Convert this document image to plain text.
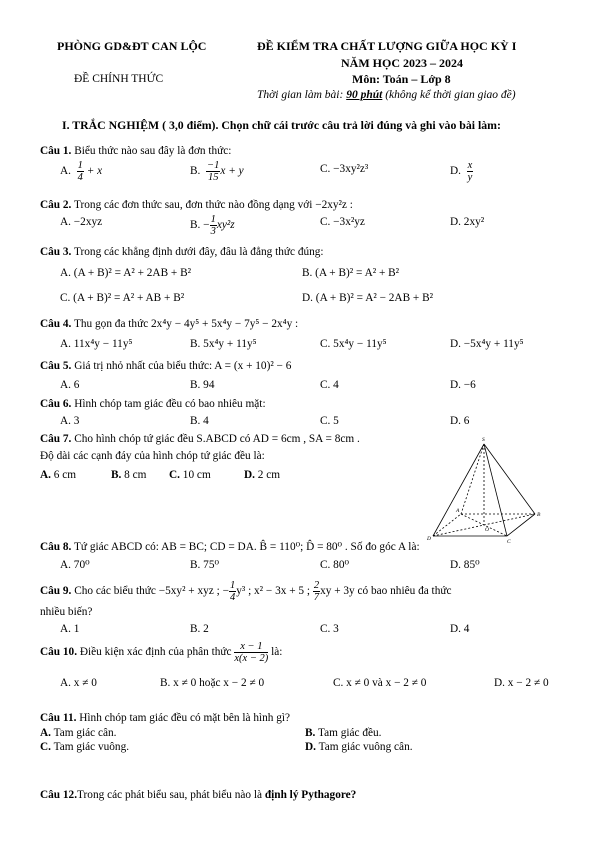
PHÒNG GD&ĐT CAN LỘC
ĐỀ CHÍNH THỨC
ĐỀ KIỂM TRA CHẤT LƯỢNG GIỮA HỌC KỲ I
NĂM HỌC 2023 – 2024
Môn: Toán – Lớp 8
Thời gian làm bài: 90 phút (không kể thời gian giao đề)
I. TRẮC NGHIỆM ( 3,0 điểm). Chọn chữ cái trước câu trả lời đúng và ghi vào bài làm:
Câu 1. Biểu thức nào sau đây là đơn thức:
A. $\frac{1}{4} + x$	B. $\frac{-1}{15}$ x + y	C. −3xy²z³	D. $\frac{x}{y}$
Câu 2. Trong các đơn thức sau, đơn thức nào đồng dạng với −2xy²z :
A. −2xyz	B. − $\frac{1}{3} xy^2z$	C. −3x²yz	D. 2xy²
Câu 3. Trong các khẳng định dưới đây, đâu là đẳng thức đúng:
A. (A + B)² = A² + 2AB + B²	B. (A + B)² = A² + B²
C. (A + B)² = A² + AB + B²	D. (A + B)² = A² − 2AB + B²
Câu 4. Thu gọn đa thức 2x⁴y − 4y⁵ + 5x⁴y − 7y⁵ − 2x⁴y :
A. 11x⁴y − 11y⁵	B. 5x⁴y + 11y⁵	C. 5x⁴y − 11y⁵	D. −5x⁴y + 11y⁵
Câu 5. Giá trị nhỏ nhất của biểu thức: A = (x + 10)² − 6
A. 6	B. 94	C. 4	D. −6
Câu 6. Hình chóp tam giác đều có bao nhiêu mặt:
A. 3	B. 4	C. 5	D. 6
Câu 7. Cho hình chóp tứ giác đều S.ABCD có AD = 6cm , SA = 8cm .
Độ dài các cạnh đáy của hình chóp tứ giác đều là:
A. 6 cm	B. 8 cm C. 10 cm	D. 2 cm
S
A
B
C
D
O
Câu 8. Tứ giác ABCD có: AB = BC; CD = DA. B̂ = 110⁰; D̂ = 80⁰ . Số đo góc A là:
A. 70⁰	B. 75⁰	C. 80⁰	D. 85⁰
Câu 9. Cho các biểu thức −5xy² + xyz ; − $\frac{1}{4} y^3$ ; x² − 3x + 5 ; $\frac{2}{7}$ xy + 3y có bao nhiêu đa thức
nhiều biến?
A. 1	B. 2	C. 3	D. 4
Câu 10. Điều kiện xác định của phân thức $\frac{x - 1}{x(x - 2)}$ là:
A. x ≠ 0	B. x ≠ 0 hoặc x − 2 ≠ 0	C. x ≠ 0 và x − 2 ≠ 0	D. x − 2 ≠ 0
Câu 11. Hình chóp tam giác đều có mặt bên là hình gì?
A. Tam giác cân.	B. Tam giác đều.
C. Tam giác vuông.	D. Tam giác vuông cân.
Câu 12.Trong các phát biểu sau, phát biểu nào là định lý Pythagore?
